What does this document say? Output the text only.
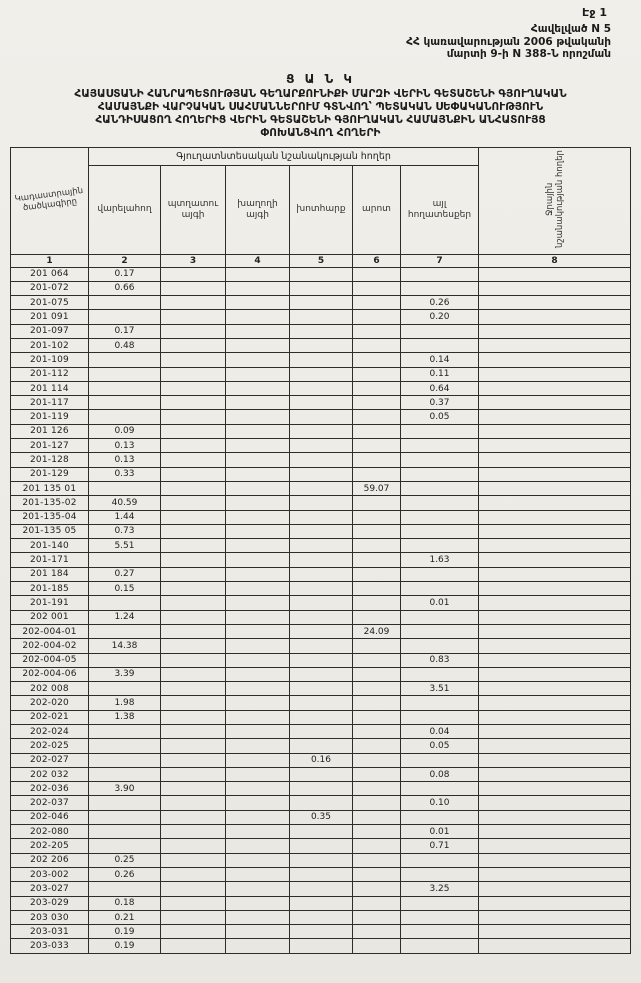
Էջ 1
Հավելված N 5
ՀՀ կառավարության 2006 թվականի
մարտի 9-ի N 388-Ն որոշման
Ց Ա Ն Կ
ՀԱՅԱՍՏԱՆԻ ՀԱՆՐԱՊԵՏՈՒԹՅԱՆ ԳԵՂԱՐՔՈՒՆԻՔԻ ՄԱՐԶԻ ՎԵՐԻՆ ԳԵՏԱՇԵՆԻ ԳՅՈՒՂԱԿԱՆ
ՀԱՄԱՅՆՔԻ ՎԱՐՉԱԿԱՆ ՍԱՀՄԱՆՆԵՐՈՒՄ ԳՏՆՎՈՂ՝ ՊԵՏԱԿԱՆ ՍԵՓԱԿԱՆՈՒԹՅՈՒՆ
ՀԱՆԴԻՍԱՑՈՂ ՀՈՂԵՐԻՑ ՎԵՐԻՆ ԳԵՏԱՇԵՆԻ ԳՅՈՒՂԱԿԱՆ ՀԱՄԱՅՆՔԻՆ ԱՆՀԱՏՈՒՅՑ
ՓՈԽԱՆՑՎՈՂ ՀՈՂԵՐԻ
Կադաստրային ծածկագիրը	Գյուղատնտեսական նշանակության հողեր						Ջրային նշանակության հողեր
	վարելահող	պտղատու այգի	խաղողի այգի	խոտհարք	արոտ	այլ հողատեսքեր	
1	2	3	4	5	6	7	8
201 064	0.17						
201-072	0.66						
201-075						0.26	
201 091						0.20	
201-097	0.17						
201-102	0.48						
201-109						0.14	
201-112						0.11	
201 114						0.64	
201-117						0.37	
201-119						0.05	
201 126	0.09						
201-127	0.13						
201-128	0.13						
201-129	0.33						
201 135 01					59.07		
201-135-02	40.59						
201-135-04	1.44						
201-135 05	0.73						
201-140	5.51						
201-171						1.63	
201 184	0.27						
201-185	0.15						
201-191						0.01	
202 001	1.24						
202-004-01					24.09		
202-004-02	14.38						
202-004-05						0.83	
202-004-06	3.39						
202 008						3.51	
202-020	1.98						
202-021	1.38						
202-024						0.04	
202-025						0.05	
202-027				0.16			
202 032						0.08	
202-036	3.90						
202-037						0.10	
202-046				0.35			
202-080						0.01	
202-205						0.71	
202 206	0.25						
203-002	0.26						
203-027						3.25	
203-029	0.18						
203 030	0.21						
203-031	0.19						
203-033	0.19						
